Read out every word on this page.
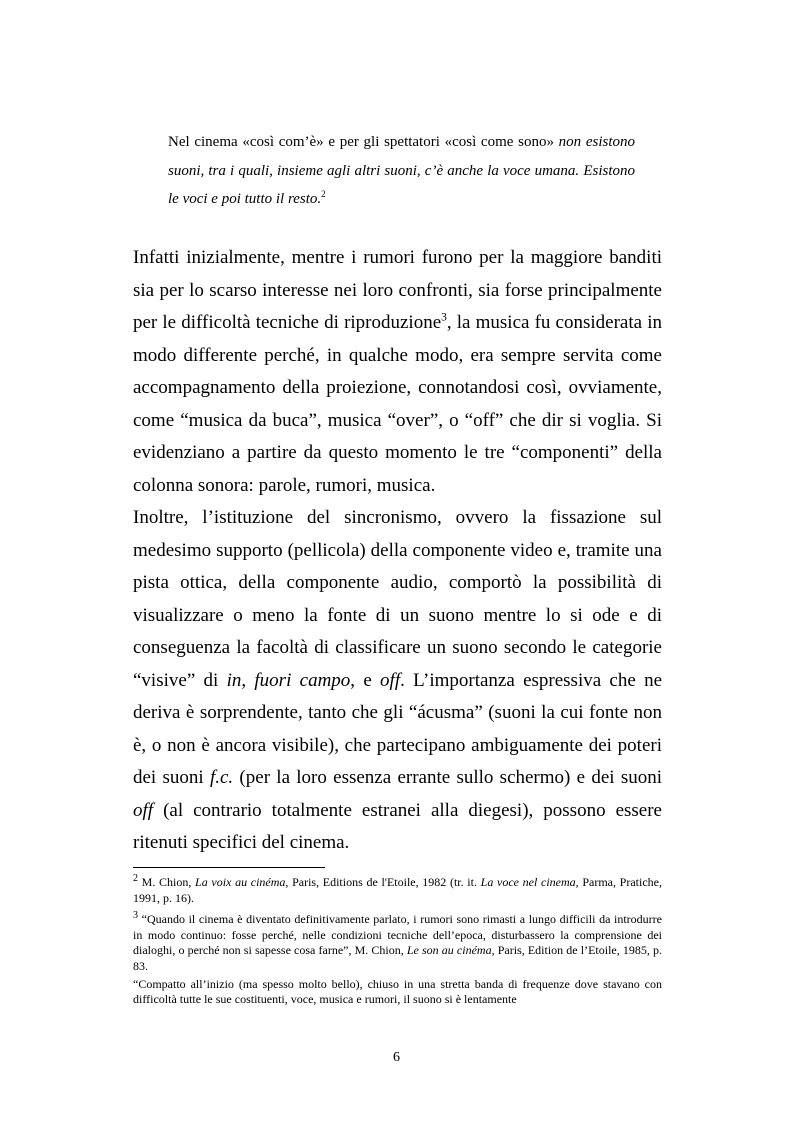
Nel cinema «così com’è» e per gli spettatori «così come sono» non esistono suoni, tra i quali, insieme agli altri suoni, c’è anche la voce umana. Esistono le voci e poi tutto il resto.$^2$

Infatti inizialmente, mentre i rumori furono per la maggiore banditi sia per lo scarso interesse nei loro confronti, sia forse principalmente per le difficoltà tecniche di riproduzione$^3$, la musica fu considerata in modo differente perché, in qualche modo, era sempre servita come accompagnamento della proiezione, connotandosi così, ovviamente, come “musica da buca”, musica “over”, o “off” che dir si voglia. Si evidenziano a partire da questo momento le tre “componenti” della colonna sonora: parole, rumori, musica.

Inoltre, l’istituzione del sincronismo, ovvero la fissazione sul medesimo supporto (pellicola) della componente video e, tramite una pista ottica, della componente audio, comportò la possibilità di visualizzare o meno la fonte di un suono mentre lo si ode e di conseguenza la facoltà di classificare un suono secondo le categorie “visive” di in, fuori campo, e off. L’importanza espressiva che ne deriva è sorprendente, tanto che gli “ácusma” (suoni la cui fonte non è, o non è ancora visibile), che partecipano ambiguamente dei poteri dei suoni f.c. (per la loro essenza errante sullo schermo) e dei suoni off (al contrario totalmente estranei alla diegesi), possono essere ritenuti specifici del cinema.

$^2$ M. Chion, La voix au cinéma, Paris, Editions de l'Etoile, 1982 (tr. it. La voce nel cinema, Parma, Pratiche, 1991, p. 16).

$^3$ “Quando il cinema è diventato definitivamente parlato, i rumori sono rimasti a lungo difficili da introdurre in modo continuo: fosse perché, nelle condizioni tecniche dell’epoca, disturbassero la comprensione dei dialoghi, o perché non si sapesse cosa farne”, M. Chion, Le son au cinéma, Paris, Edition de l’Etoile, 1985, p. 83.

“Compatto all’inizio (ma spesso molto bello), chiuso in una stretta banda di frequenze dove stavano con difficoltà tutte le sue costituenti, voce, musica e rumori, il suono si è lentamente

6
